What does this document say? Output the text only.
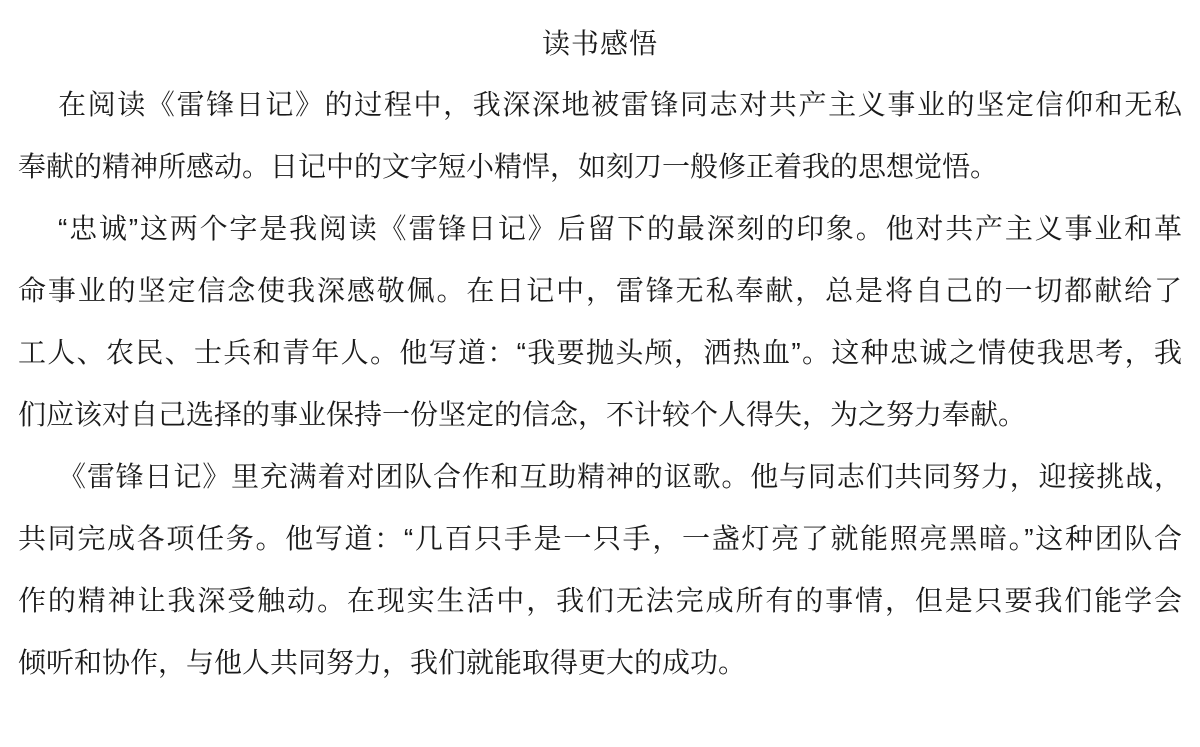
读书感悟
在阅读《雷锋日记》的过程中，我深深地被雷锋同志对共产主义事业的坚定信仰和无私
奉献的精神所感动。日记中的文字短小精悍，如刻刀一般修正着我的思想觉悟。
“忠诚”这两个字是我阅读《雷锋日记》后留下的最深刻的印象。他对共产主义事业和革
命事业的坚定信念使我深感敬佩。在日记中，雷锋无私奉献，总是将自己的一切都献给了
工人、农民、士兵和青年人。他写道：“我要抛头颅，洒热血”。这种忠诚之情使我思考，我
们应该对自己选择的事业保持一份坚定的信念，不计较个人得失，为之努力奉献。
《雷锋日记》里充满着对团队合作和互助精神的讴歌。他与同志们共同努力，迎接挑战，
共同完成各项任务。他写道：“几百只手是一只手，一盏灯亮了就能照亮黑暗。”这种团队合
作的精神让我深受触动。在现实生活中，我们无法完成所有的事情，但是只要我们能学会
倾听和协作，与他人共同努力，我们就能取得更大的成功。
